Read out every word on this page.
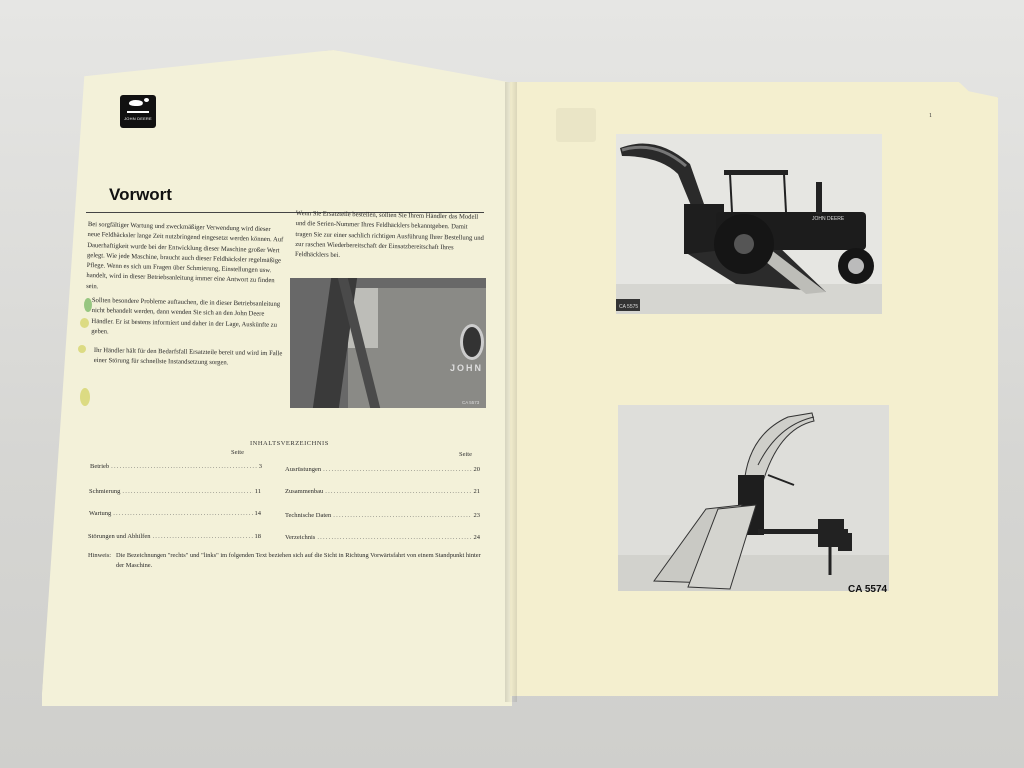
JOHN DEERE
Vorwort
Bei sorgfältiger Wartung und zweckmäßiger Verwendung wird dieser neue Feldhäcksler lange Zeit nutzbringend eingesetzt werden können. Auf Dauerhaftigkeit wurde bei der Entwicklung dieser Maschine großer Wert gelegt. Wie jede Maschine, braucht auch dieser Feldhäcksler regelmäßige Pflege. Wenn es sich um Fragen über Schmierung, Einstellungen usw. handelt, wird in dieser Betriebsanleitung immer eine Antwort zu finden sein.
Sollten besondere Probleme auftauchen, die in dieser Betriebsanleitung nicht behandelt werden, dann wenden Sie sich an den John Deere Händler. Er ist bestens informiert und daher in der Lage, Auskünfte zu geben.
Ihr Händler hält für den Bedarfsfall Ersatzteile bereit und wird im Falle einer Störung für schnellste Instandsetzung sorgen.
Wenn Sie Ersatzteile bestellen, sollten Sie Ihrem Händler das Modell und die Serien-Nummer Ihres Feldhäcklers bekanntgeben. Damit tragen Sie zur einer sachlich richtigen Ausführung Ihrer Bestellung und zur raschen Wiederbereitschaft der Einsatzbereitschaft Ihres Feldhäcklers bei.
JOHN
CA 5573
INHALTSVERZEICHNIS
Seite	Seite
Betrieb .....	3
Schmierung .....	11
Wartung .....	14
Störungen und Abhilfen .....	18
Ausrüstungen .....	20
Zusammenbau .....	21
Technische Daten .....	23
Verzeichnis .....	24
Hinweis: Die Bezeichnungen "rechts" und "links" im folgenden Text beziehen sich auf die Sicht in Richtung Vorwärtsfahrt von einem Standpunkt hinter der Maschine.
1
JOHN DEERE
CA 5575
CA 5574
